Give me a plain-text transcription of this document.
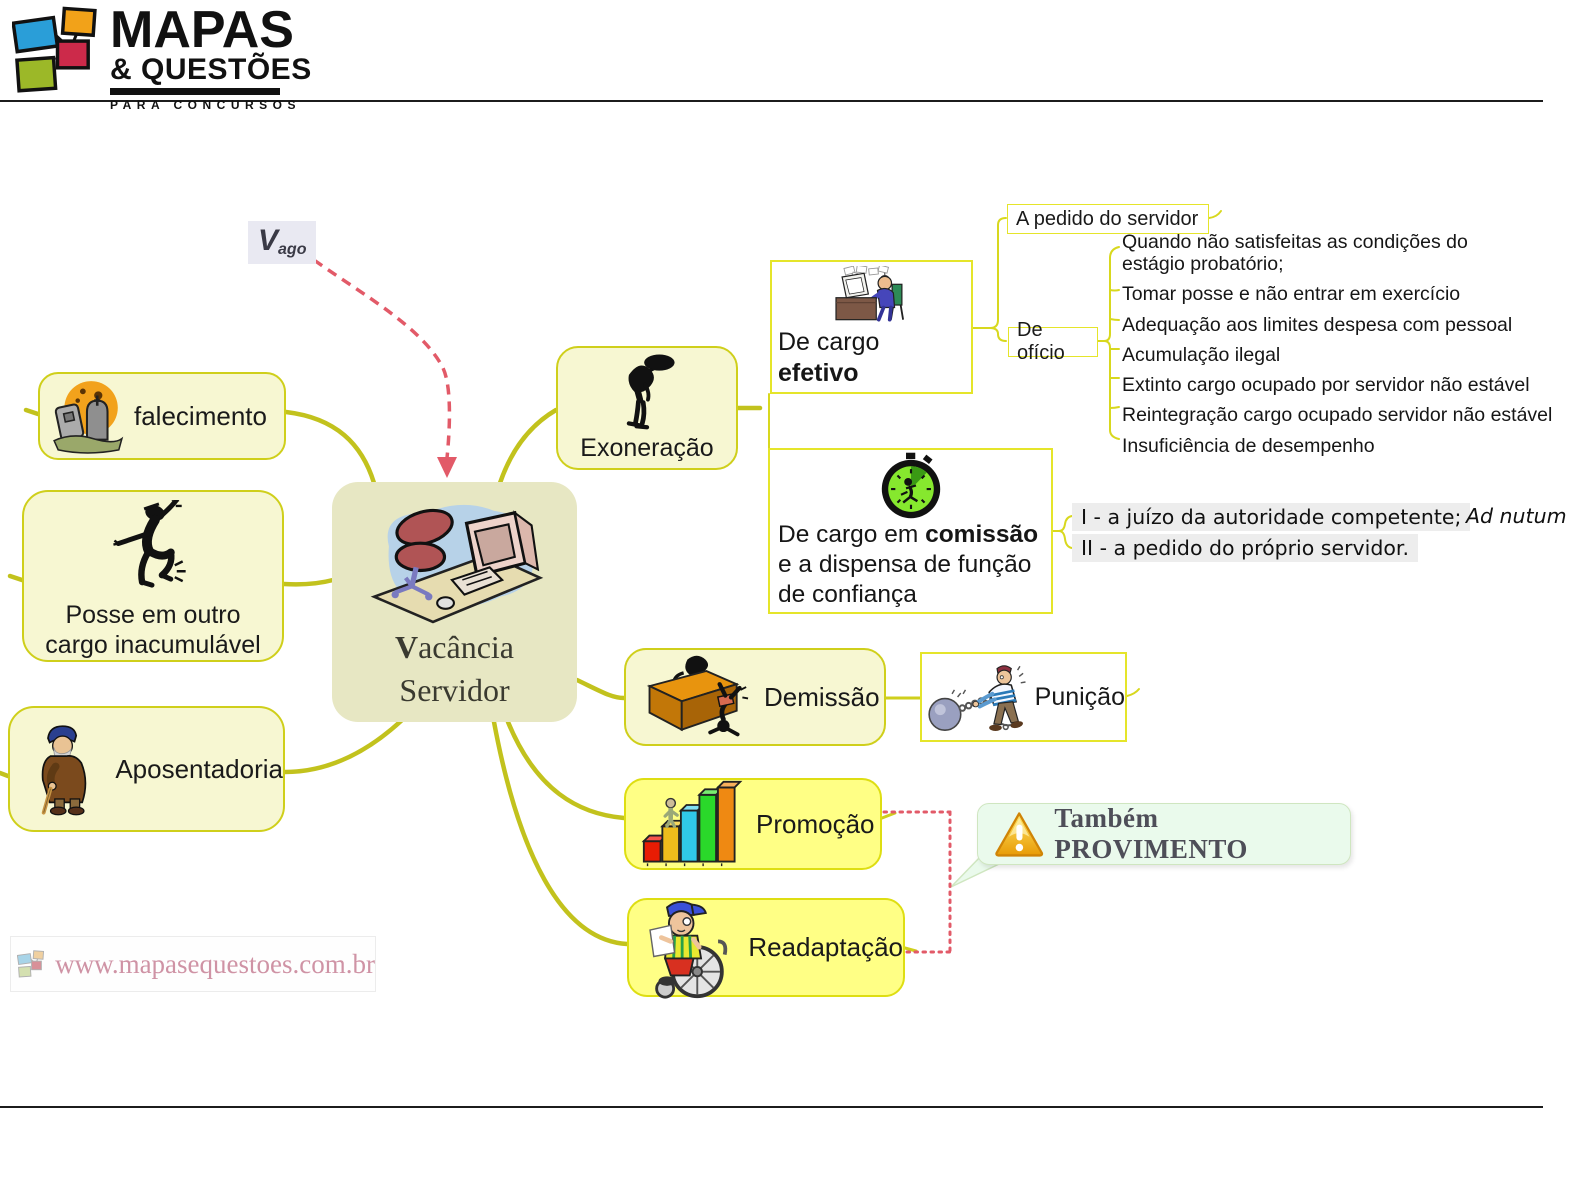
MAPAS
& QUESTÕES
PARA CONCURSOS
Vago
Vacância
Servidor
falecimento
Posse em outro
cargo inacumulável
Aposentadoria
Exoneração
De cargo efetivo
De cargo em comissão
e a dispensa de função
de confiança
A pedido do servidor
De ofício
Quando não satisfeitas as condições do estágio probatório;
Tomar posse e não entrar em exercício
Adequação aos limites despesa com pessoal
Acumulação ilegal
Extinto cargo ocupado por servidor não estável
Reintegração cargo ocupado servidor não estável
Insuficiência de desempenho
I - a juízo da autoridade competente;
II - a pedido do próprio servidor.
Ad nutum
Demissão	Punição
Promoção
Readaptação
Também PROVIMENTO
www.mapasequestoes.com.br
